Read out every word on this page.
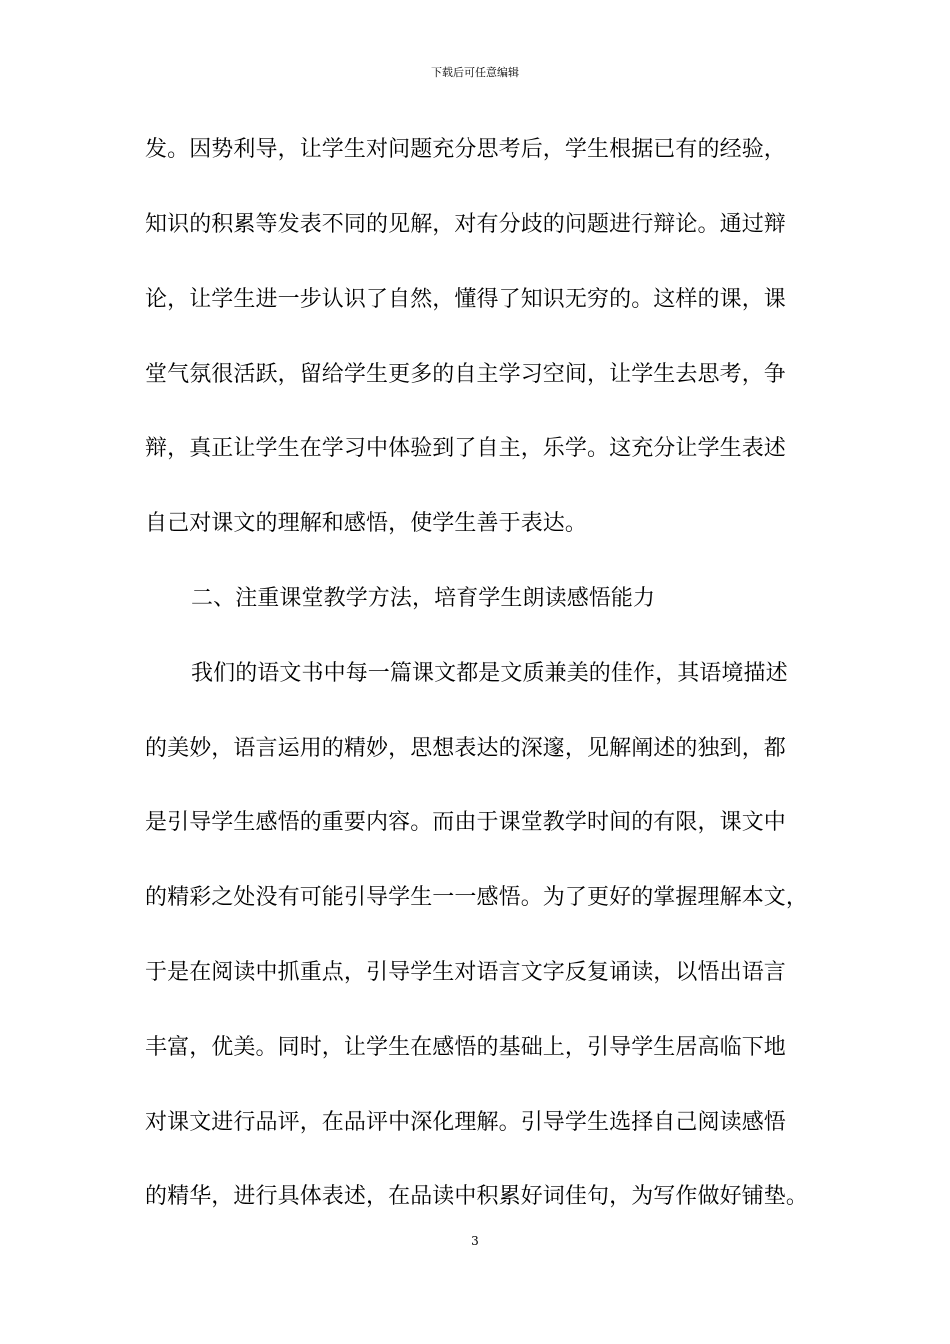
下载后可任意编辑
发。因势利导，让学生对问题充分思考后，学生根据已有的经验，
知识的积累等发表不同的见解，对有分歧的问题进行辩论。通过辩
论，让学生进一步认识了自然，懂得了知识无穷的。这样的课，课
堂气氛很活跃，留给学生更多的自主学习空间，让学生去思考，争
辩，真正让学生在学习中体验到了自主，乐学。这充分让学生表述
自己对课文的理解和感悟，使学生善于表达。
二、注重课堂教学方法，培育学生朗读感悟能力
我们的语文书中每一篇课文都是文质兼美的佳作，其语境描述
的美妙，语言运用的精妙，思想表达的深邃，见解阐述的独到，都
是引导学生感悟的重要内容。而由于课堂教学时间的有限，课文中
的精彩之处没有可能引导学生一一感悟。为了更好的掌握理解本文，
于是在阅读中抓重点，引导学生对语言文字反复诵读，以悟出语言
丰富，优美。同时，让学生在感悟的基础上，引导学生居高临下地
对课文进行品评，在品评中深化理解。引导学生选择自己阅读感悟
的精华，进行具体表述，在品读中积累好词佳句，为写作做好铺垫。
3
